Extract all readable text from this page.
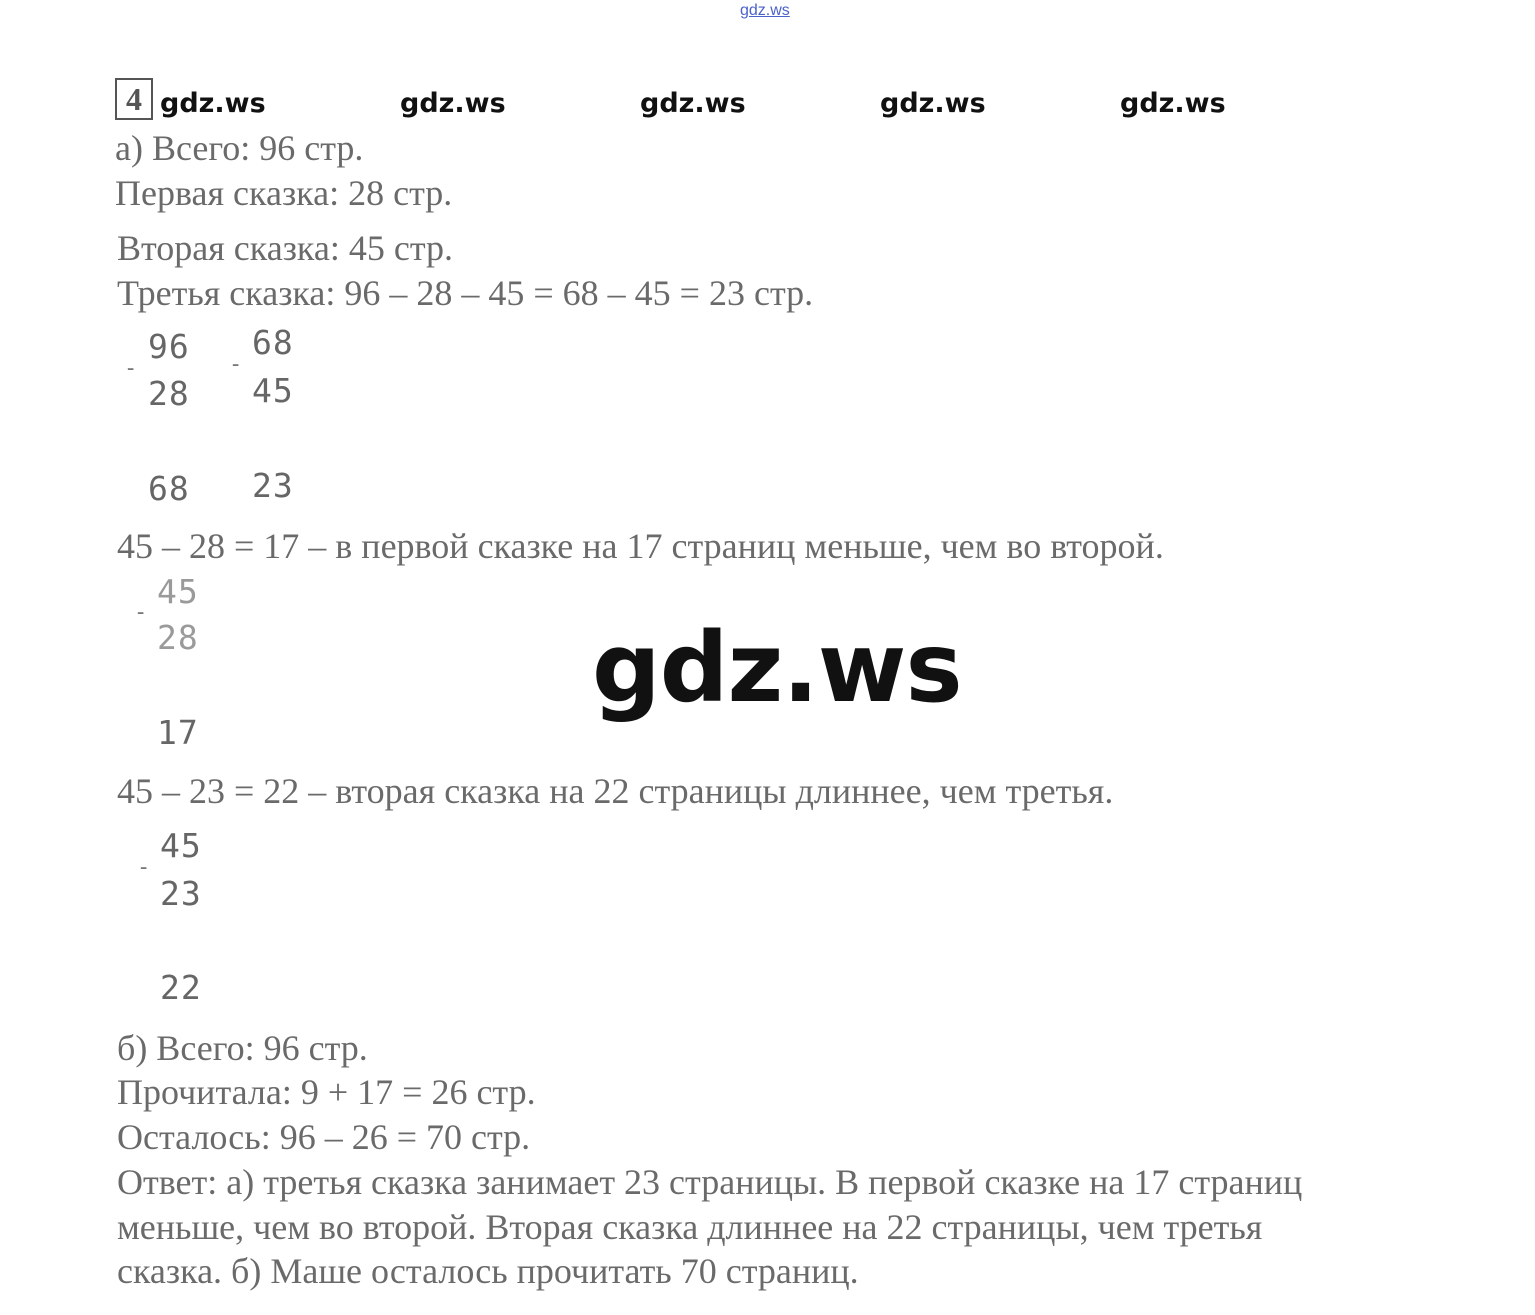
gdz.ws
4 gdz.ws	gdz.ws	gdz.ws	gdz.ws	gdz.ws
а) Всего: 96 стр.
Первая сказка: 28 стр.
Вторая сказка: 45 стр.
Третья сказка: 96 – 28 – 45 = 68 – 45 = 23 стр.
-
96
28
68
-
68
45
23
45 – 28 = 17 – в первой сказке на 17 страниц меньше, чем во второй.
-
45
28
17
gdz.ws
45 – 23 = 22 – вторая сказка на 22 страницы длиннее, чем третья.
-
45
23
22
б) Всего: 96 стр.
Прочитала: 9 + 17 = 26 стр.
Осталось: 96 – 26 = 70 стр.
Ответ: а) третья сказка занимает 23 страницы. В первой сказке на 17 страниц
меньше, чем во второй. Вторая сказка длиннее на 22 страницы, чем третья
сказка. б) Маше осталось прочитать 70 страниц.
